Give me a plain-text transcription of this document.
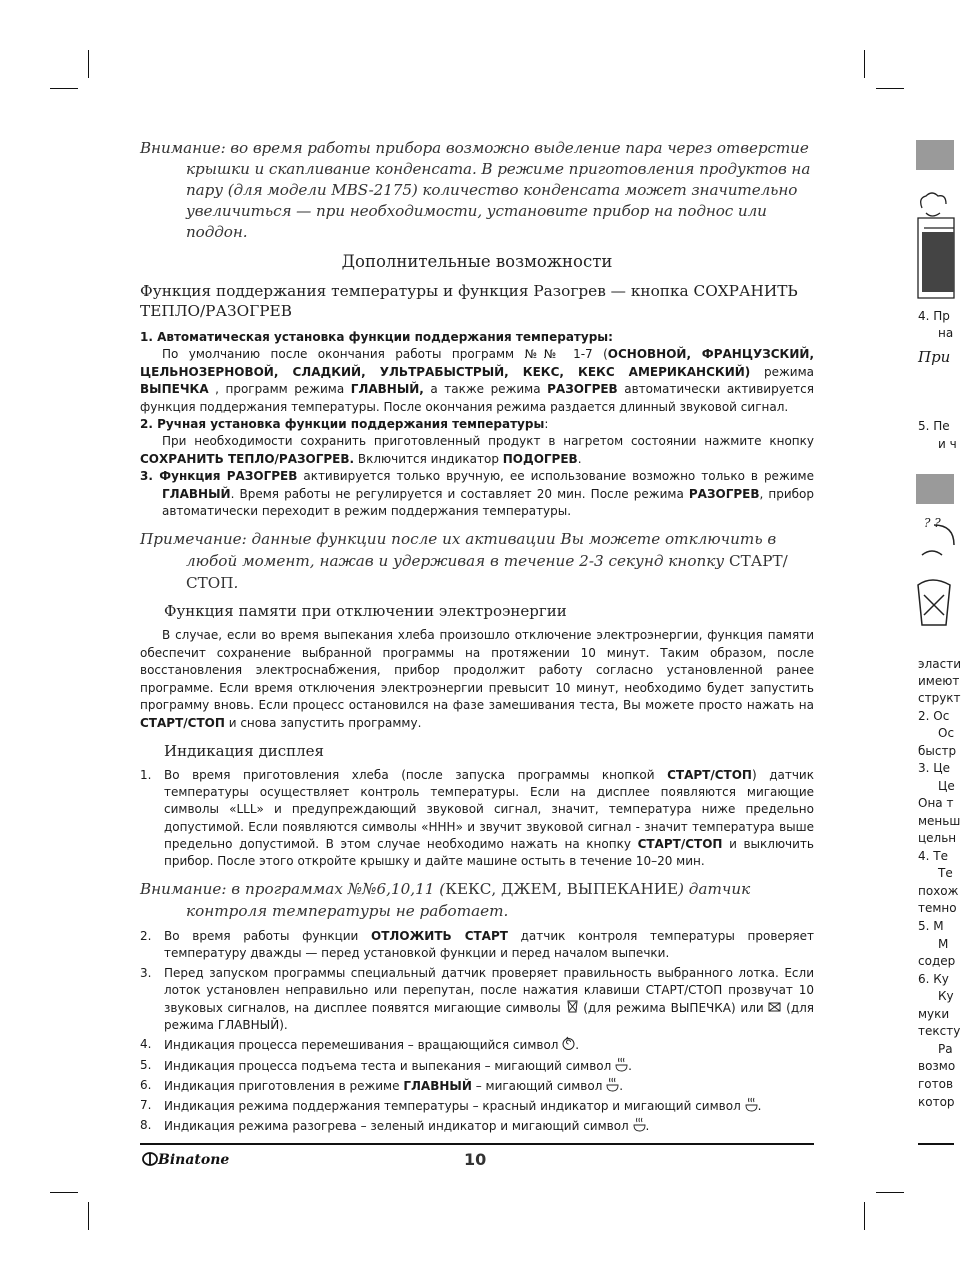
Внимание: во время работы прибора возможно выделение пара через отверстие крышки и скапливание конденсата. В режиме приготовления продуктов на пару (для модели MBS-2175) количество конденсата может значительно увеличиться — при необходимости, установите прибор на поднос или поддон.

Дополнительные возможности
Функция поддержания температуры и функция Разогрев — кнопка СОХРАНИТЬ ТЕПЛО/РАЗОГРЕВ

1. Автоматическая установка функции поддержания температуры:

По умолчанию после окончания работы программ №№ 1-7 (ОСНОВНОЙ, ФРАНЦУЗСКИЙ, ЦЕЛЬНОЗЕРНОВОЙ, СЛАДКИЙ, УЛЬТРАБЫСТРЫЙ, КЕКС, КЕКС АМЕРИКАНСКИЙ) режима ВЫПЕЧКА , программ режима ГЛАВНЫЙ, а также режима РАЗОГРЕВ автоматически активируется функция поддержания температуры. После окончания режима раздается длинный звуковой сигнал.

2. Ручная установка функции поддержания температуры:

При необходимости сохранить приготовленный продукт в нагретом состоянии нажмите кнопку СОХРАНИТЬ ТЕПЛО/РАЗОГРЕВ. Включится индикатор ПОДОГРЕВ.

3. Функция РАЗОГРЕВ активируется только вручную, ее использование возможно только в режиме ГЛАВНЫЙ. Время работы не регулируется и составляет 20 мин. После режима РАЗОГРЕВ, прибор автоматически переходит в режим поддержания температуры.

Примечание: данные функции после их активации Вы можете отключить в любой момент, нажав и удерживая в течение 2-3 секунд кнопку СТАРТ/СТОП.

Функция памяти при отключении электроэнергии

В случае, если во время выпекания хлеба произошло отключение электроэнергии, функция памяти обеспечит сохранение выбранной программы на протяжении 10 минут. Таким образом, после восстановления электроснабжения, прибор продолжит работу согласно установленной ранее программе. Если время отключения электроэнергии превысит 10 минут, необходимо будет запустить программу вновь. Если процесс остановился на фазе замешивания теста, Вы можете просто нажать на СТАРТ/СТОП и снова запустить программу.

Индикация дисплея
1. Во время приготовления хлеба (после запуска программы кнопкой СТАРТ/СТОП) датчик температуры осуществляет контроль температуры. Если на дисплее появляются мигающие символы «LLL» и предупреждающий звуковой сигнал, значит, температура ниже предельно допустимой. Если появляются символы «HHH» и звучит звуковой сигнал - значит температура выше предельно допустимой. В этом случае необходимо нажать на кнопку СТАРТ/СТОП и выключить прибор. После этого откройте крышку и дайте машине остыть в течение 10–20 мин.

Внимание: в программах №№6,10,11 (КЕКС, ДЖЕМ, ВЫПЕКАНИЕ) датчик контроля температуры не работает.

2. Во время работы функции ОТЛОЖИТЬ СТАРТ датчик контроля температуры проверяет температуру дважды — перед установкой функции и перед началом выпечки.
3. Перед запуском программы специальный датчик проверяет правильность выбранного лотка. Если лоток установлен неправильно или перепутан, после нажатия клавиши СТАРТ/СТОП прозвучат 10 звуковых сигналов, на дисплее появятся мигающие символы  (для режима ВЫПЕЧКА) или  (для режима ГЛАВНЫЙ).
4. Индикация процесса перемешивания – вращающийся символ .
5. Индикация процесса подъема теста и выпекания – мигающий символ .
6. Индикация приготовления в режиме ГЛАВНЫЙ – мигающий символ .
7. Индикация режима поддержания температуры – красный индикатор и мигающий символ .
8. Индикация режима разогрева – зеленый индикатор и мигающий символ .
Binatone	10
? ?
4. Пр
на
При
5. Пе
и ч
эласти
имеют
структ
2. Ос
Ос
быстр
3. Це
Це
Она т
меньш
цельн
4. Те
Те
похож
темно
5. М
М
содер
6. Ку
Ку
муки
тексту
Ра
возмо
готов
котор
